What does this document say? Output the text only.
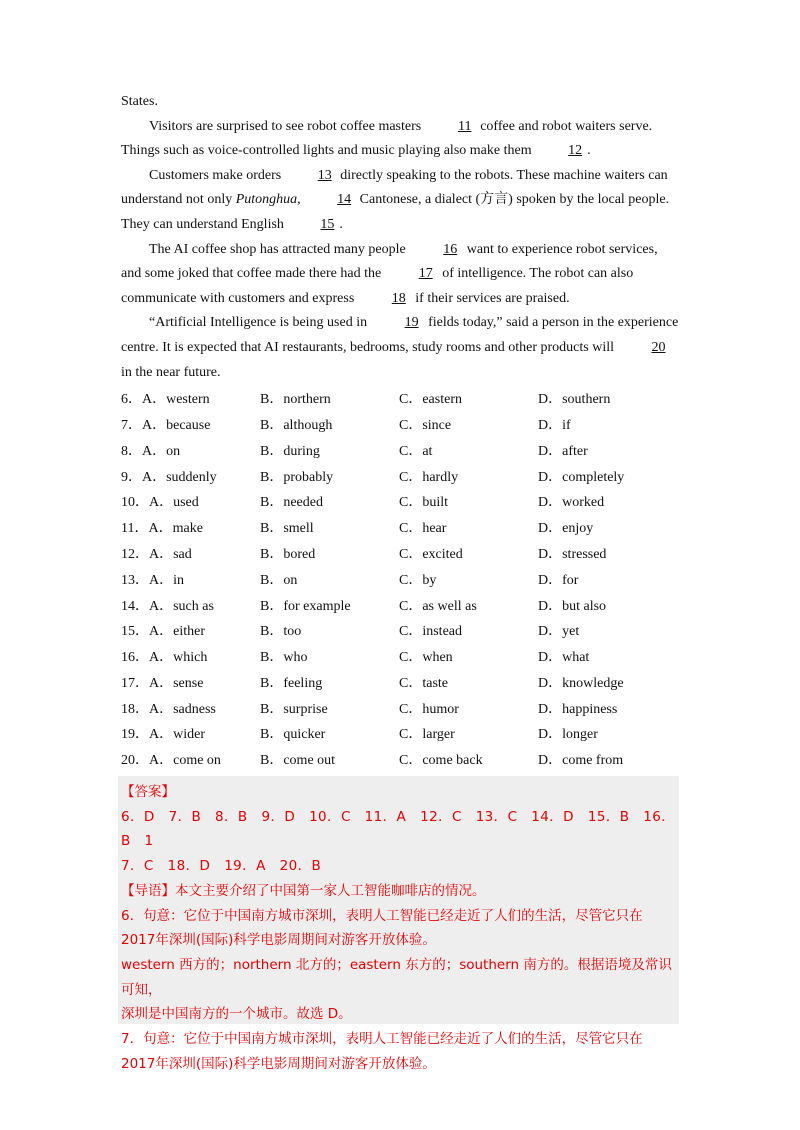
States.

Visitors are surprised to see robot coffee masters 11 coffee and robot waiters serve. Things such as voice-controlled lights and music playing also make them 12 .

Customers make orders 13 directly speaking to the robots. These machine waiters can understand not only Putonghua, 14 Cantonese, a dialect (方言) spoken by the local people. They can understand English 15 .

The AI coffee shop has attracted many people 16 want to experience robot services, and some joked that coffee made there had the 17 of intelligence. The robot can also communicate with customers and express 18 if their services are praised.

“Artificial Intelligence is being used in 19 fields today,” said a person in the experience centre. It is expected that AI restaurants, bedrooms, study rooms and other products will 20 in the near future.

6．A．western	B．northern	C．eastern	D．southern
7．A．because	B．although	C．since	D．if
8．A．on	B．during	C．at	D．after
9．A．suddenly	B．probably	C．hardly	D．completely
10．A．used	B．needed	C．built	D．worked
11．A．make	B．smell	C．hear	D．enjoy
12．A．sad	B．bored	C．excited	D．stressed
13．A．in	B．on	C．by	D．for
14．A．such as	B．for example	C．as well as	D．but also
15．A．either	B．too	C．instead	D．yet
16．A．which	B．who	C．when	D．what
17．A．sense	B．feeling	C．taste	D．knowledge
18．A．sadness	B．surprise	C．humor	D．happiness
19．A．wider	B．quicker	C．larger	D．longer
20．A．come on	B．come out	C．come back	D．come from

【答案】

6．D　7．B　8．B　9．D　10．C　11．A　12．C　13．C　14．D　15．B　16．B　1

7．C　18．D　19．A　20．B

【导语】本文主要介绍了中国第一家人工智能咖啡店的情况。

6．句意：它位于中国南方城市深圳，表明人工智能已经走近了人们的生活，尽管它只在

2017年深圳(国际)科学电影周期间对游客开放体验。

western 西方的；northern 北方的；eastern 东方的；southern 南方的。根据语境及常识可知，

深圳是中国南方的一个城市。故选 D。

7．句意：它位于中国南方城市深圳，表明人工智能已经走近了人们的生活，尽管它只在

2017年深圳(国际)科学电影周期间对游客开放体验。
